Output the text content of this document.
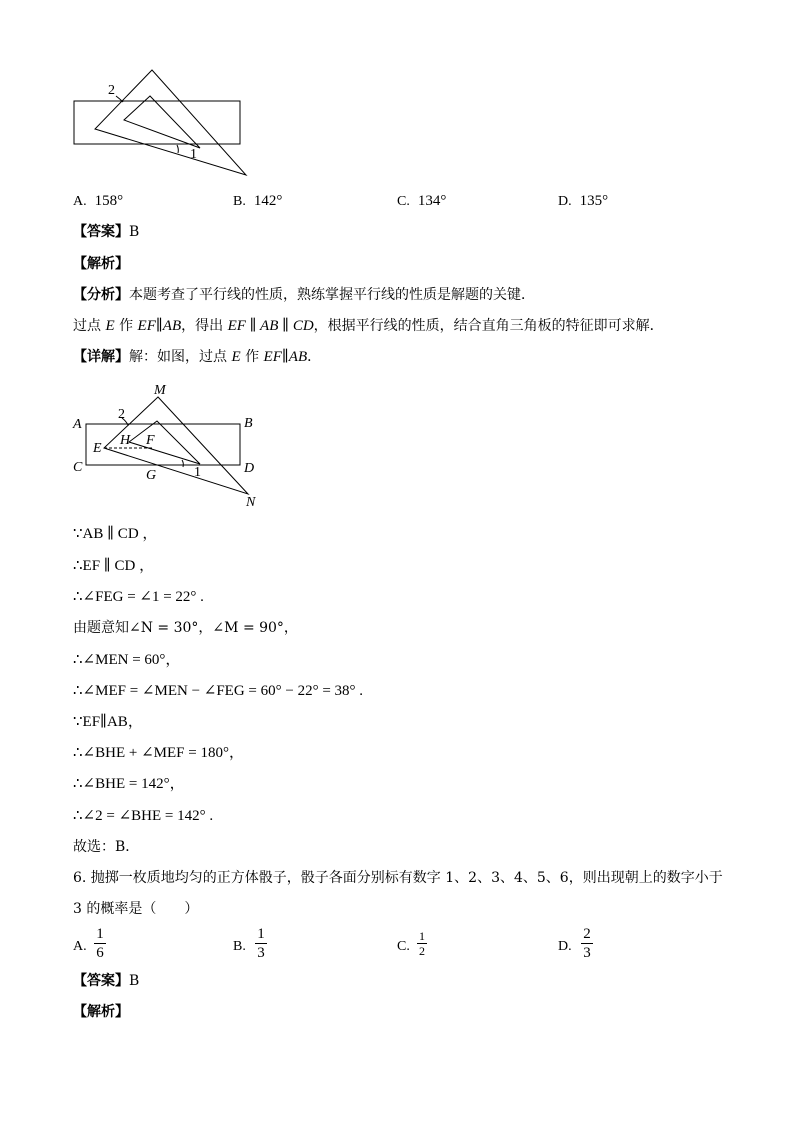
2
1
A. 158°	B. 142°	C. 134°	D. 135°
【答案】B
【解析】
【分析】本题考查了平行线的性质，熟练掌握平行线的性质是解题的关键．
过点 E 作 EF∥AB，得出 EF ∥ AB ∥ CD，根据平行线的性质，结合直角三角板的特征即可求解．
【详解】解：如图，过点 E 作 EF∥AB．
M
A	B
2
H F
E
C	D
G	1
N
∵AB ∥ CD ，
∴EF ∥ CD ，
∴∠FEG = ∠1 = 22° .
由题意知∠N = 30°，∠M = 90°，
∴∠MEN = 60°，
∴∠MEF = ∠MEN − ∠FEG = 60° − 22° = 38° .
∵EF∥AB，
∴∠BHE + ∠MEF = 180°，
∴∠BHE = 142°，
∴∠2 = ∠BHE = 142° .
故选：B．
6. 抛掷一枚质地均匀的正方体骰子，骰子各面分别标有数字 1、2、3、4、5、6，则出现朝上的数字小于
3 的概率是（　　）
A.
1
6	B.
1
3	C.
1
2	D.
2
3
【答案】B
【解析】
